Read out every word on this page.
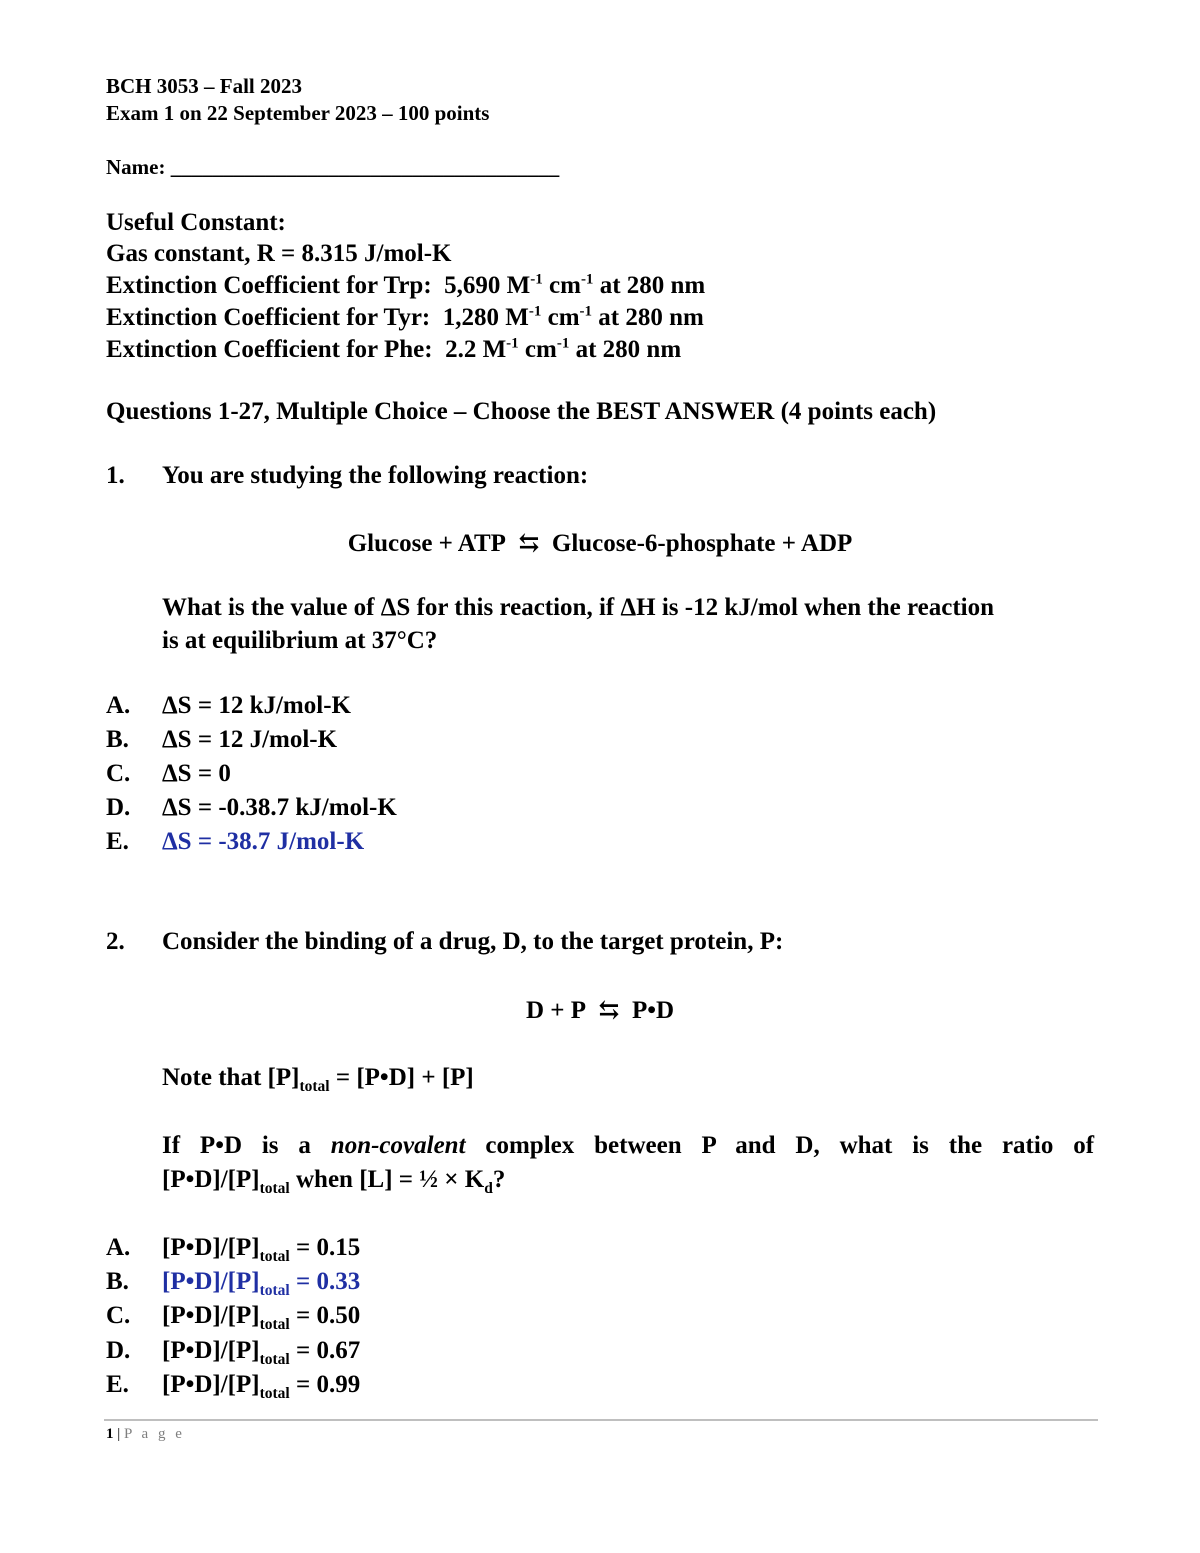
BCH 3053 – Fall 2023
Exam 1 on 22 September 2023 – 100 points
Name: _____________________________________
Useful Constant:
Gas constant, R = 8.315 J/mol-K
Extinction Coefficient for Trp: 5,690 $M^{-1}$ $cm^{-1}$ at 280 nm
Extinction Coefficient for Tyr: 1,280 $M^{-1}$ $cm^{-1}$ at 280 nm
Extinction Coefficient for Phe: 2.2 $M^{-1}$ $cm^{-1}$ at 280 nm
Questions 1-27, Multiple Choice – Choose the BEST ANSWER (4 points each)
1. You are studying the following reaction:
Glucose + ATP ⇆ Glucose-6-phosphate + ADP
What is the value of ΔS for this reaction, if ΔH is -12 kJ/mol when the reaction
is at equilibrium at 37°C?
A. ΔS = 12 kJ/mol-K
B. ΔS = 12 J/mol-K
C. ΔS = 0
D. ΔS = -0.38.7 kJ/mol-K
E. ΔS = -38.7 J/mol-K
2. Consider the binding of a drug, D, to the target protein, P:
D + P ⇆ P•D
Note that $[P]_{total}$ = [P•D] + [P]
If P•D is a non-covalent complex between P and D, what is the ratio of
$[P•D]/[P]_{total}$ when [L] = ½ × $K_d$?
A. $[P•D]/[P]_{total} = 0.15$
B. $[P•D]/[P]_{total} = 0.33$
C. $[P•D]/[P]_{total} = 0.50$
D. $[P•D]/[P]_{total} = 0.67$
E. $[P•D]/[P]_{total} = 0.99$
1 | P a g e
